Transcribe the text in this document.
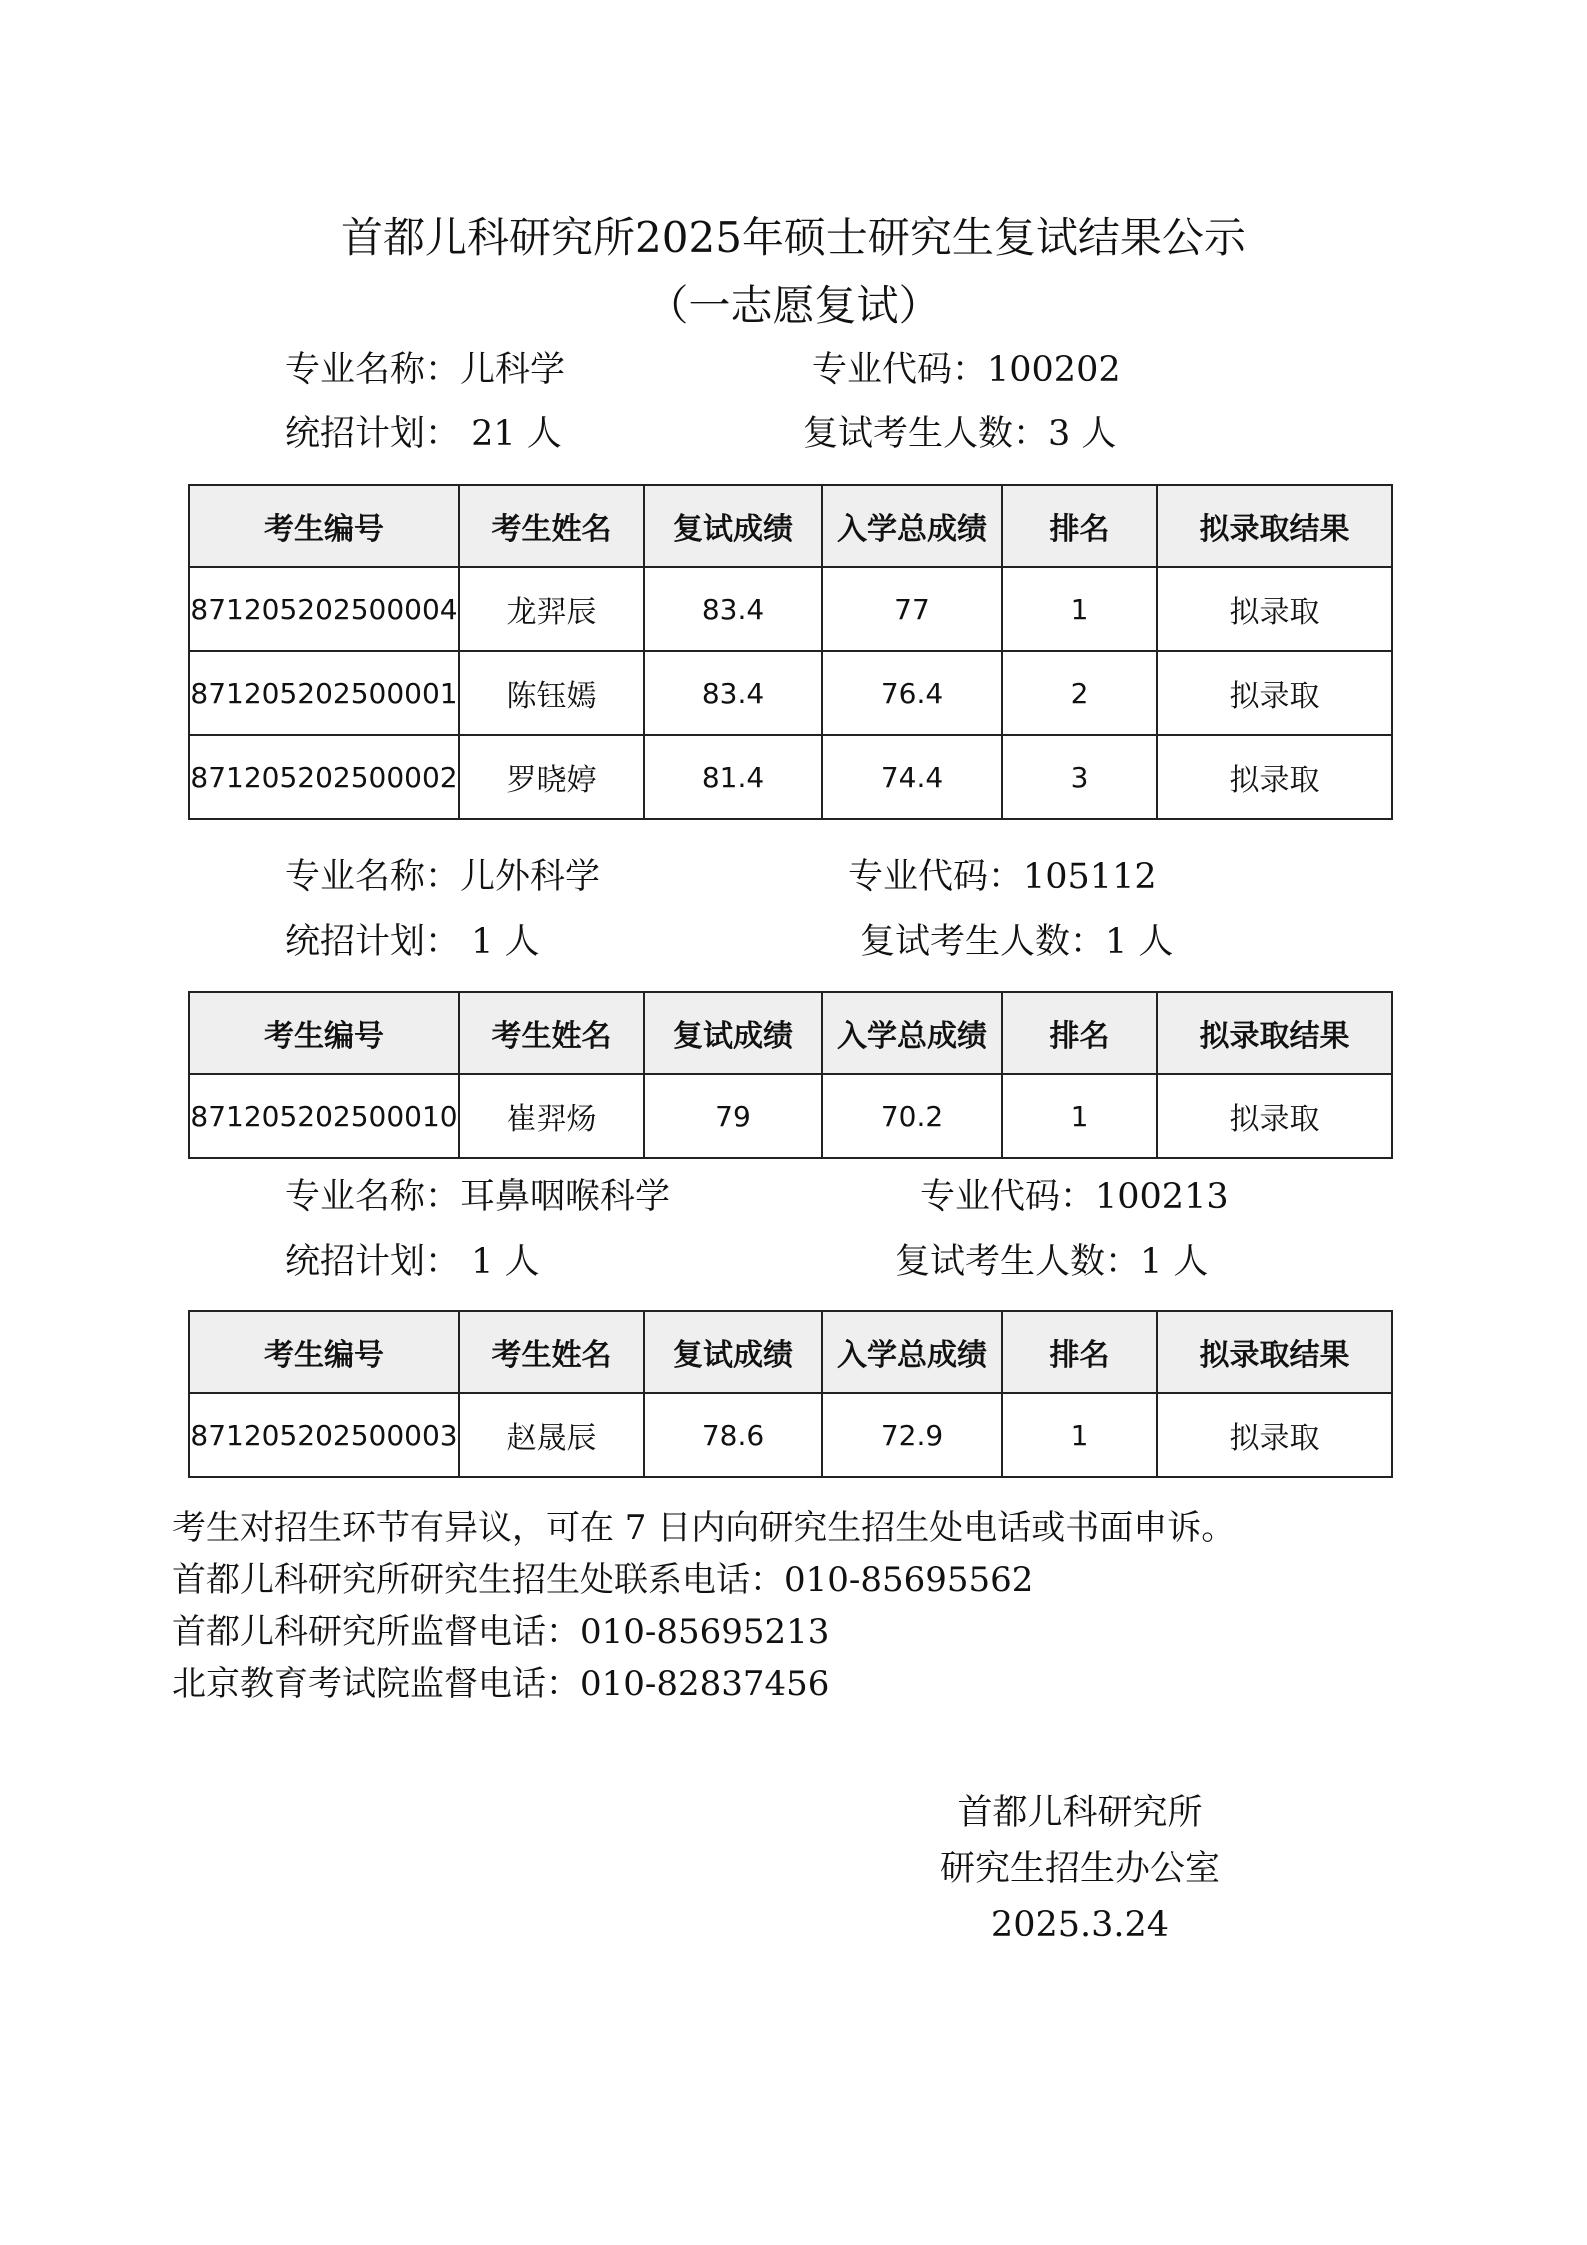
首都儿科研究所2025年硕士研究生复试结果公示
（一志愿复试）
专业名称：儿科学	专业代码：100202
统招计划： 21 人	复试考生人数：3 人
考生编号	考生姓名	复试成绩	入学总成绩	排名	拟录取结果
871205202500004	龙羿辰	83.4	77	1	拟录取
871205202500001	陈钰嫣	83.4	76.4	2	拟录取
871205202500002	罗晓婷	81.4	74.4	3	拟录取
专业名称：儿外科学	专业代码：105112
统招计划： 1 人	复试考生人数：1 人
考生编号	考生姓名	复试成绩	入学总成绩	排名	拟录取结果
871205202500010	崔羿炀	79	70.2	1	拟录取
专业名称：耳鼻咽喉科学	专业代码：100213
统招计划： 1 人	复试考生人数：1 人
考生编号	考生姓名	复试成绩	入学总成绩	排名	拟录取结果
871205202500003	赵晟辰	78.6	72.9	1	拟录取
考生对招生环节有异议，可在 7 日内向研究生招生处电话或书面申诉。
首都儿科研究所研究生招生处联系电话：010-85695562
首都儿科研究所监督电话：010-85695213
北京教育考试院监督电话：010-82837456
首都儿科研究所
研究生招生办公室
2025.3.24
